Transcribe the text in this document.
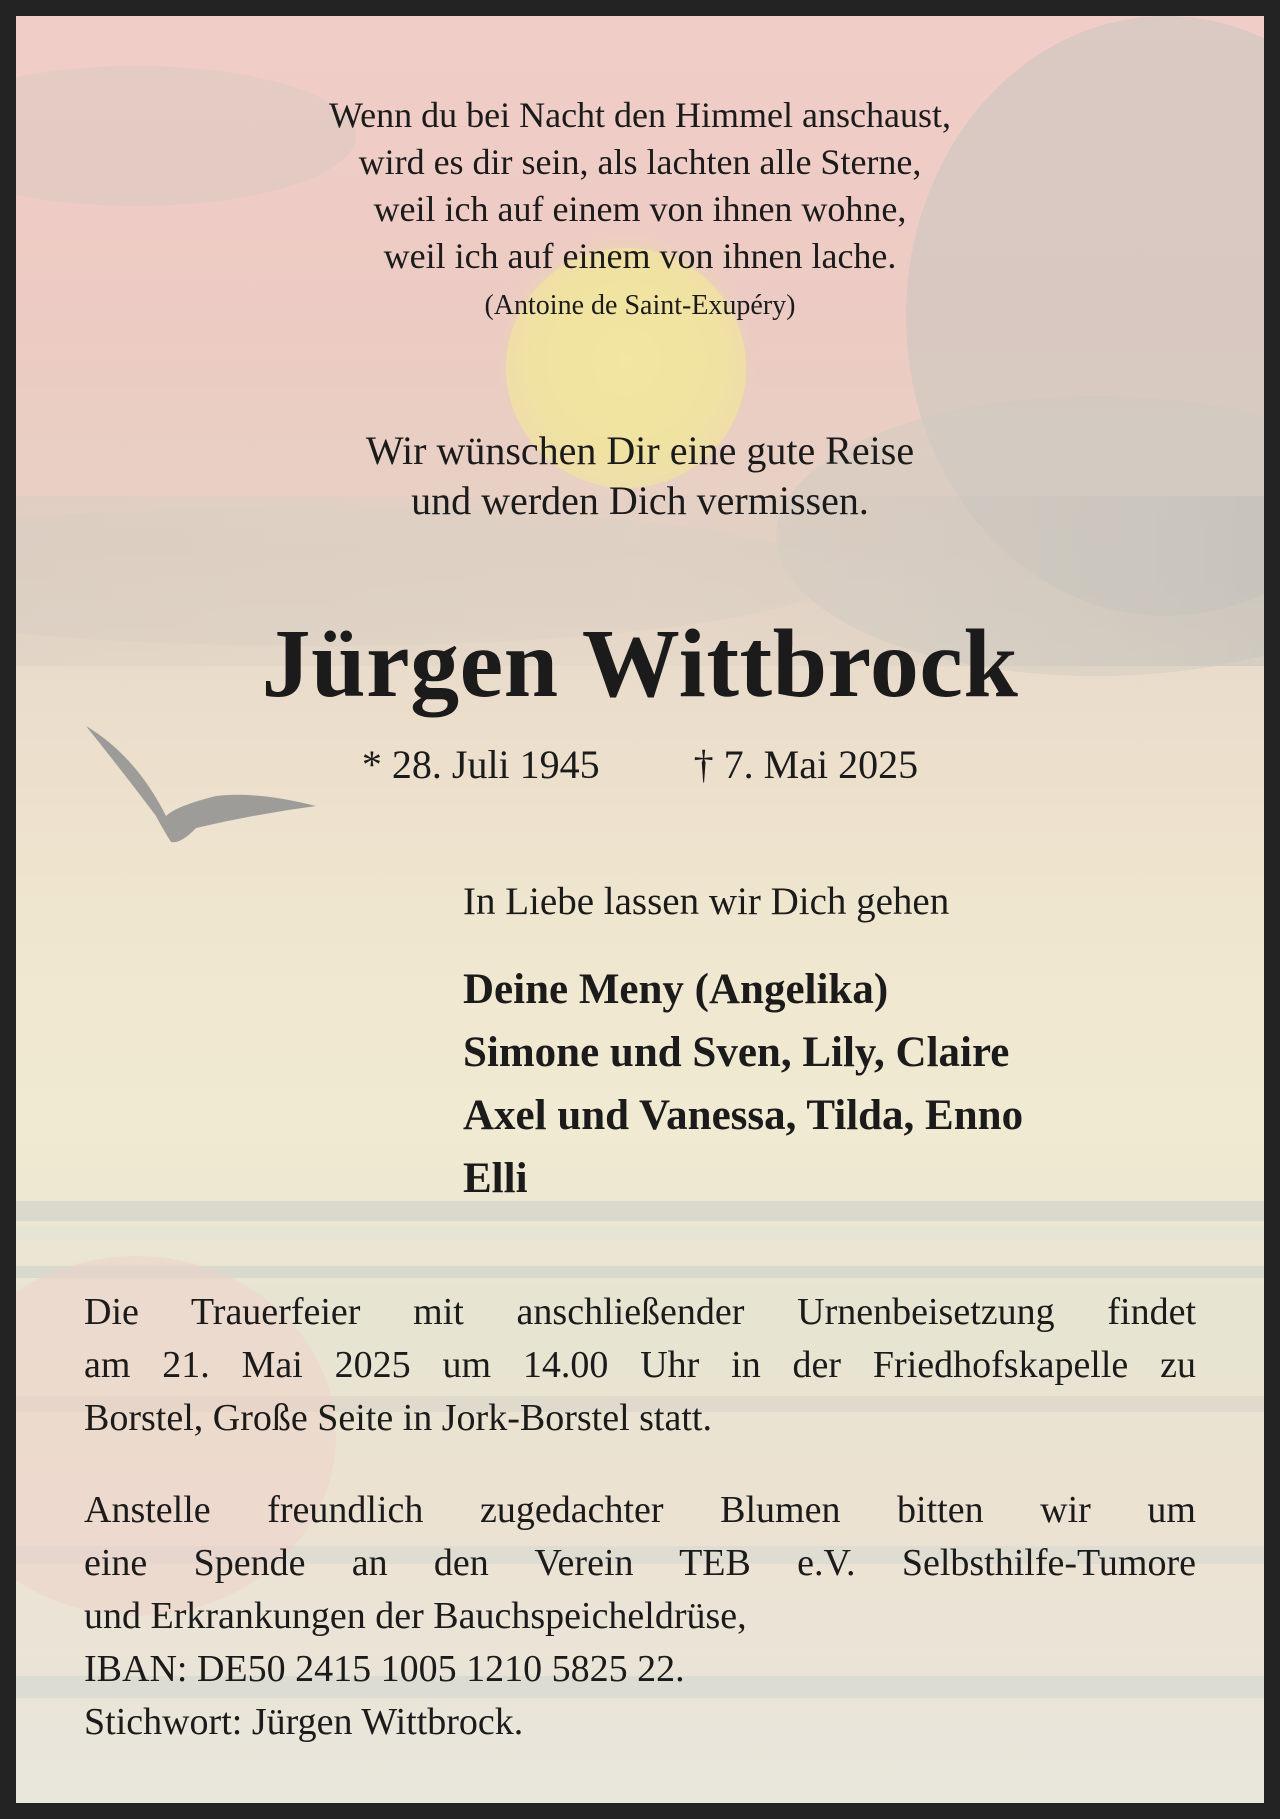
Wenn du bei Nacht den Himmel anschaust,
wird es dir sein, als lachten alle Sterne,
weil ich auf einem von ihnen wohne,
weil ich auf einem von ihnen lache.
(Antoine de Saint-Exupéry)
Wir wünschen Dir eine gute Reise
und werden Dich vermissen.
Jürgen Wittbrock
* 28. Juli 1945 † 7. Mai 2025
In Liebe lassen wir Dich gehen
Deine Meny (Angelika)
Simone und Sven, Lily, Claire
Axel und Vanessa, Tilda, Enno
Elli
Die Trauerfeier mit anschließender Urnenbeisetzung findet
am 21. Mai 2025 um 14.00 Uhr in der Friedhofskapelle zu
Borstel, Große Seite in Jork-Borstel statt.
Anstelle freundlich zugedachter Blumen bitten wir um
eine Spende an den Verein TEB e.V. Selbsthilfe-Tumore
und Erkrankungen der Bauchspeicheldrüse,
IBAN: DE50 2415 1005 1210 5825 22.
Stichwort: Jürgen Wittbrock.
